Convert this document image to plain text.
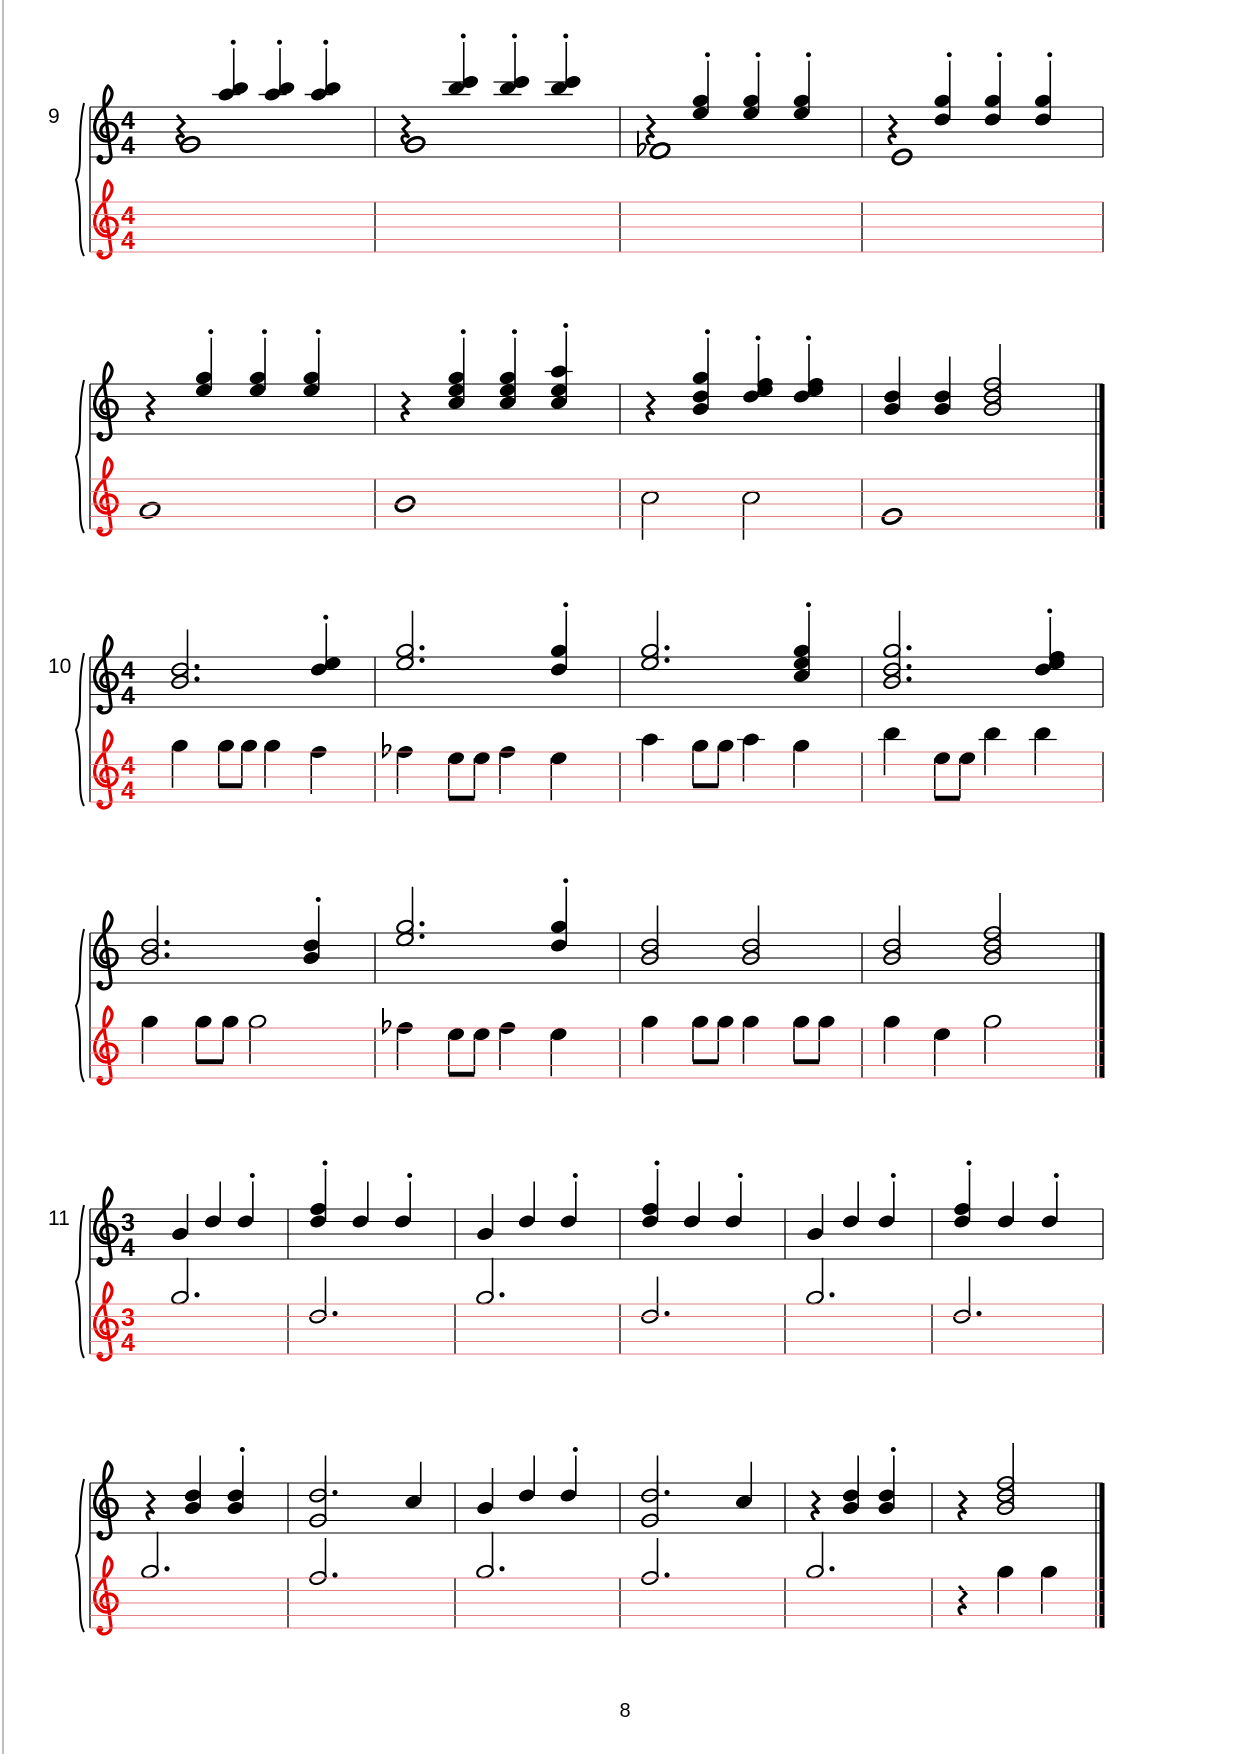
9 4
4
4
4
10 4
4
4
4
11 3
4
3
4
8
